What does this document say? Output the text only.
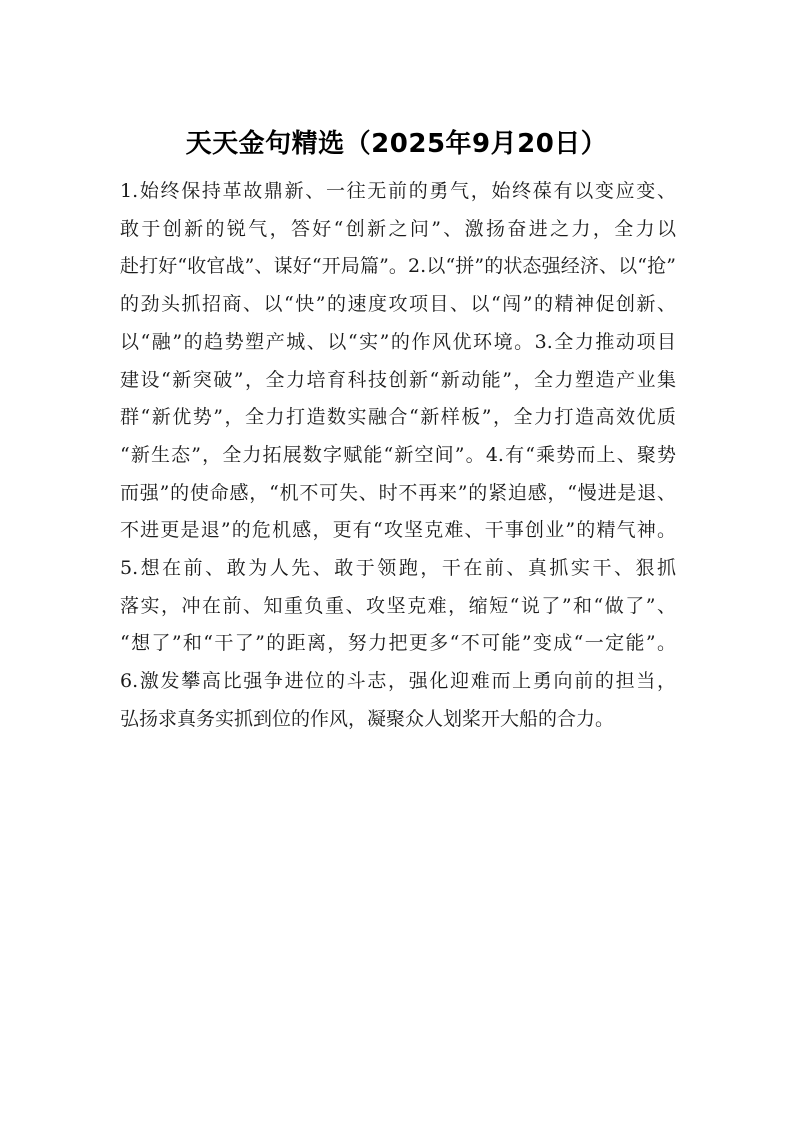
天天金句精选（2025年9月20日）
1.始终保持革故鼎新、一往无前的勇气，始终葆有以变应变、
敢于创新的锐气，答好“创新之问”、激扬奋进之力，全力以
赴打好“收官战”、谋好“开局篇”。2.以“拼”的状态强经济、以“抢”
的劲头抓招商、以“快”的速度攻项目、以“闯”的精神促创新、
以“融”的趋势塑产城、以“实”的作风优环境。3.全力推动项目
建设“新突破”，全力培育科技创新“新动能”，全力塑造产业集
群“新优势”，全力打造数实融合“新样板”，全力打造高效优质
“新生态”，全力拓展数字赋能“新空间”。4.有“乘势而上、聚势
而强”的使命感，“机不可失、时不再来”的紧迫感，“慢进是退、
不进更是退”的危机感，更有“攻坚克难、干事创业”的精气神。
5.想在前、敢为人先、敢于领跑，干在前、真抓实干、狠抓
落实，冲在前、知重负重、攻坚克难，缩短“说了”和“做了”、
“想了”和“干了”的距离，努力把更多“不可能”变成“一定能”。
6.激发攀高比强争进位的斗志，强化迎难而上勇向前的担当，
弘扬求真务实抓到位的作风，凝聚众人划桨开大船的合力。
